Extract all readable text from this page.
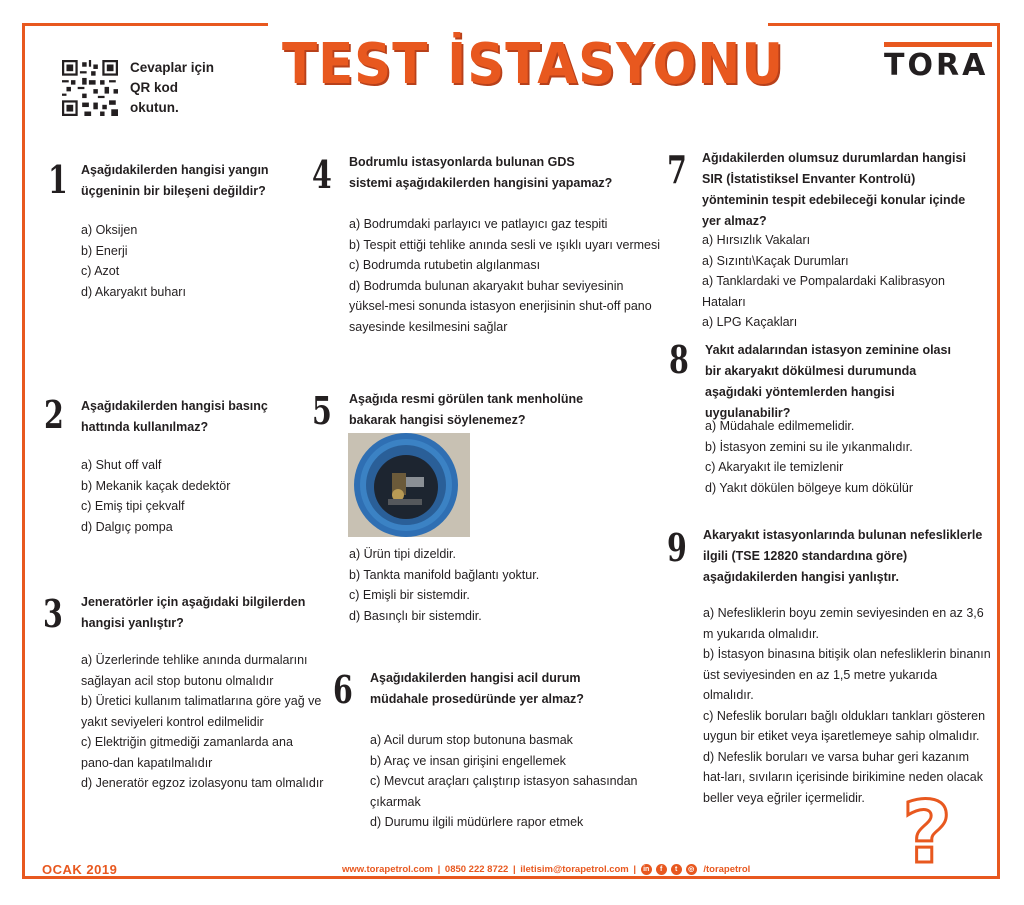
TEST İSTASYONU
Cevaplar için
QR kod
okutun.
TORA
1 Aşağıdakilerden hangisi yangın üçgeninin bir bileşeni değildir?
a) Oksijen
b) Enerji
c) Azot
d) Akaryakıt buharı
2 Aşağıdakilerden hangisi basınç hattında kullanılmaz?
a) Shut off valf
b) Mekanik kaçak dedektör
c) Emiş tipi çekvalf
d) Dalgıç pompa
3 Jeneratörler için aşağıdaki bilgilerden hangisi yanlıştır?
a) Üzerlerinde tehlike anında durmalarını sağlayan acil stop butonu olmalıdır
b) Üretici kullanım talimatlarına göre yağ ve yakıt seviyeleri kontrol edilmelidir
c) Elektriğin gitmediği zamanlarda ana pano-dan kapatılmalıdır
d) Jeneratör egzoz izolasyonu tam olmalıdır
4 Bodrumlu istasyonlarda bulunan GDS sistemi aşağıdakilerden hangisini yapamaz?
a) Bodrumdaki parlayıcı ve patlayıcı gaz tespiti
b) Tespit ettiği tehlike anında sesli ve ışıklı uyarı vermesi
c) Bodrumda rutubetin algılanması
d) Bodrumda bulunan akaryakıt buhar seviyesinin yüksel-mesi sonunda istasyon enerjisinin shut-off pano sayesinde kesilmesini sağlar
5 Aşağıda resmi görülen tank menholüne bakarak hangisi söylenemez?
a) Ürün tipi dizeldir.
b) Tankta manifold bağlantı yoktur.
c) Emişli bir sistemdir.
d) Basınçlı bir sistemdir.
6 Aşağıdakilerden hangisi acil durum müdahale prosedüründe yer almaz?
a) Acil durum stop butonuna basmak
b) Araç ve insan girişini engellemek
c) Mevcut araçları çalıştırıp istasyon sahasından çıkarmak
d) Durumu ilgili müdürlere rapor etmek
7 Ağıdakilerden olumsuz durumlardan hangisi SIR (İstatistiksel Envanter Kontrolü) yönteminin tespit edebileceği konular içinde yer almaz?
a) Hırsızlık Vakaları
a) Sızıntı\Kaçak Durumları
a) Tanklardaki ve Pompalardaki Kalibrasyon Hataları
a) LPG Kaçakları
8 Yakıt adalarından istasyon zeminine olası bir akaryakıt dökülmesi durumunda aşağıdaki yöntemlerden hangisi uygulanabilir?
a) Müdahale edilmemelidir.
b) İstasyon zemini su ile yıkanmalıdır.
c) Akaryakıt ile temizlenir
d) Yakıt dökülen bölgeye kum dökülür
9 Akaryakıt istasyonlarında bulunan nefesliklerle ilgili (TSE 12820 standardına göre) aşağıdakilerden hangisi yanlıştır.
a) Nefesliklerin boyu zemin seviyesinden en az 3,6 m yukarıda olmalıdır.
b) İstasyon binasına bitişik olan nefesliklerin binanın üst seviyesinden en az 1,5 metre yukarıda olmalıdır.
c) Nefeslik boruları bağlı oldukları tankları gösteren uygun bir etiket veya işaretlemeye sahip olmalıdır.
d) Nefeslik boruları ve varsa buhar geri kazanım hat-ları, sıvıların içerisinde birikimine neden olacak beller veya eğriler içermelidir. ?
OCAK 2019	www.torapetrol.com | 0850 222 8722 | iletisim@torapetrol.com | in f t ◎ /torapetrol
